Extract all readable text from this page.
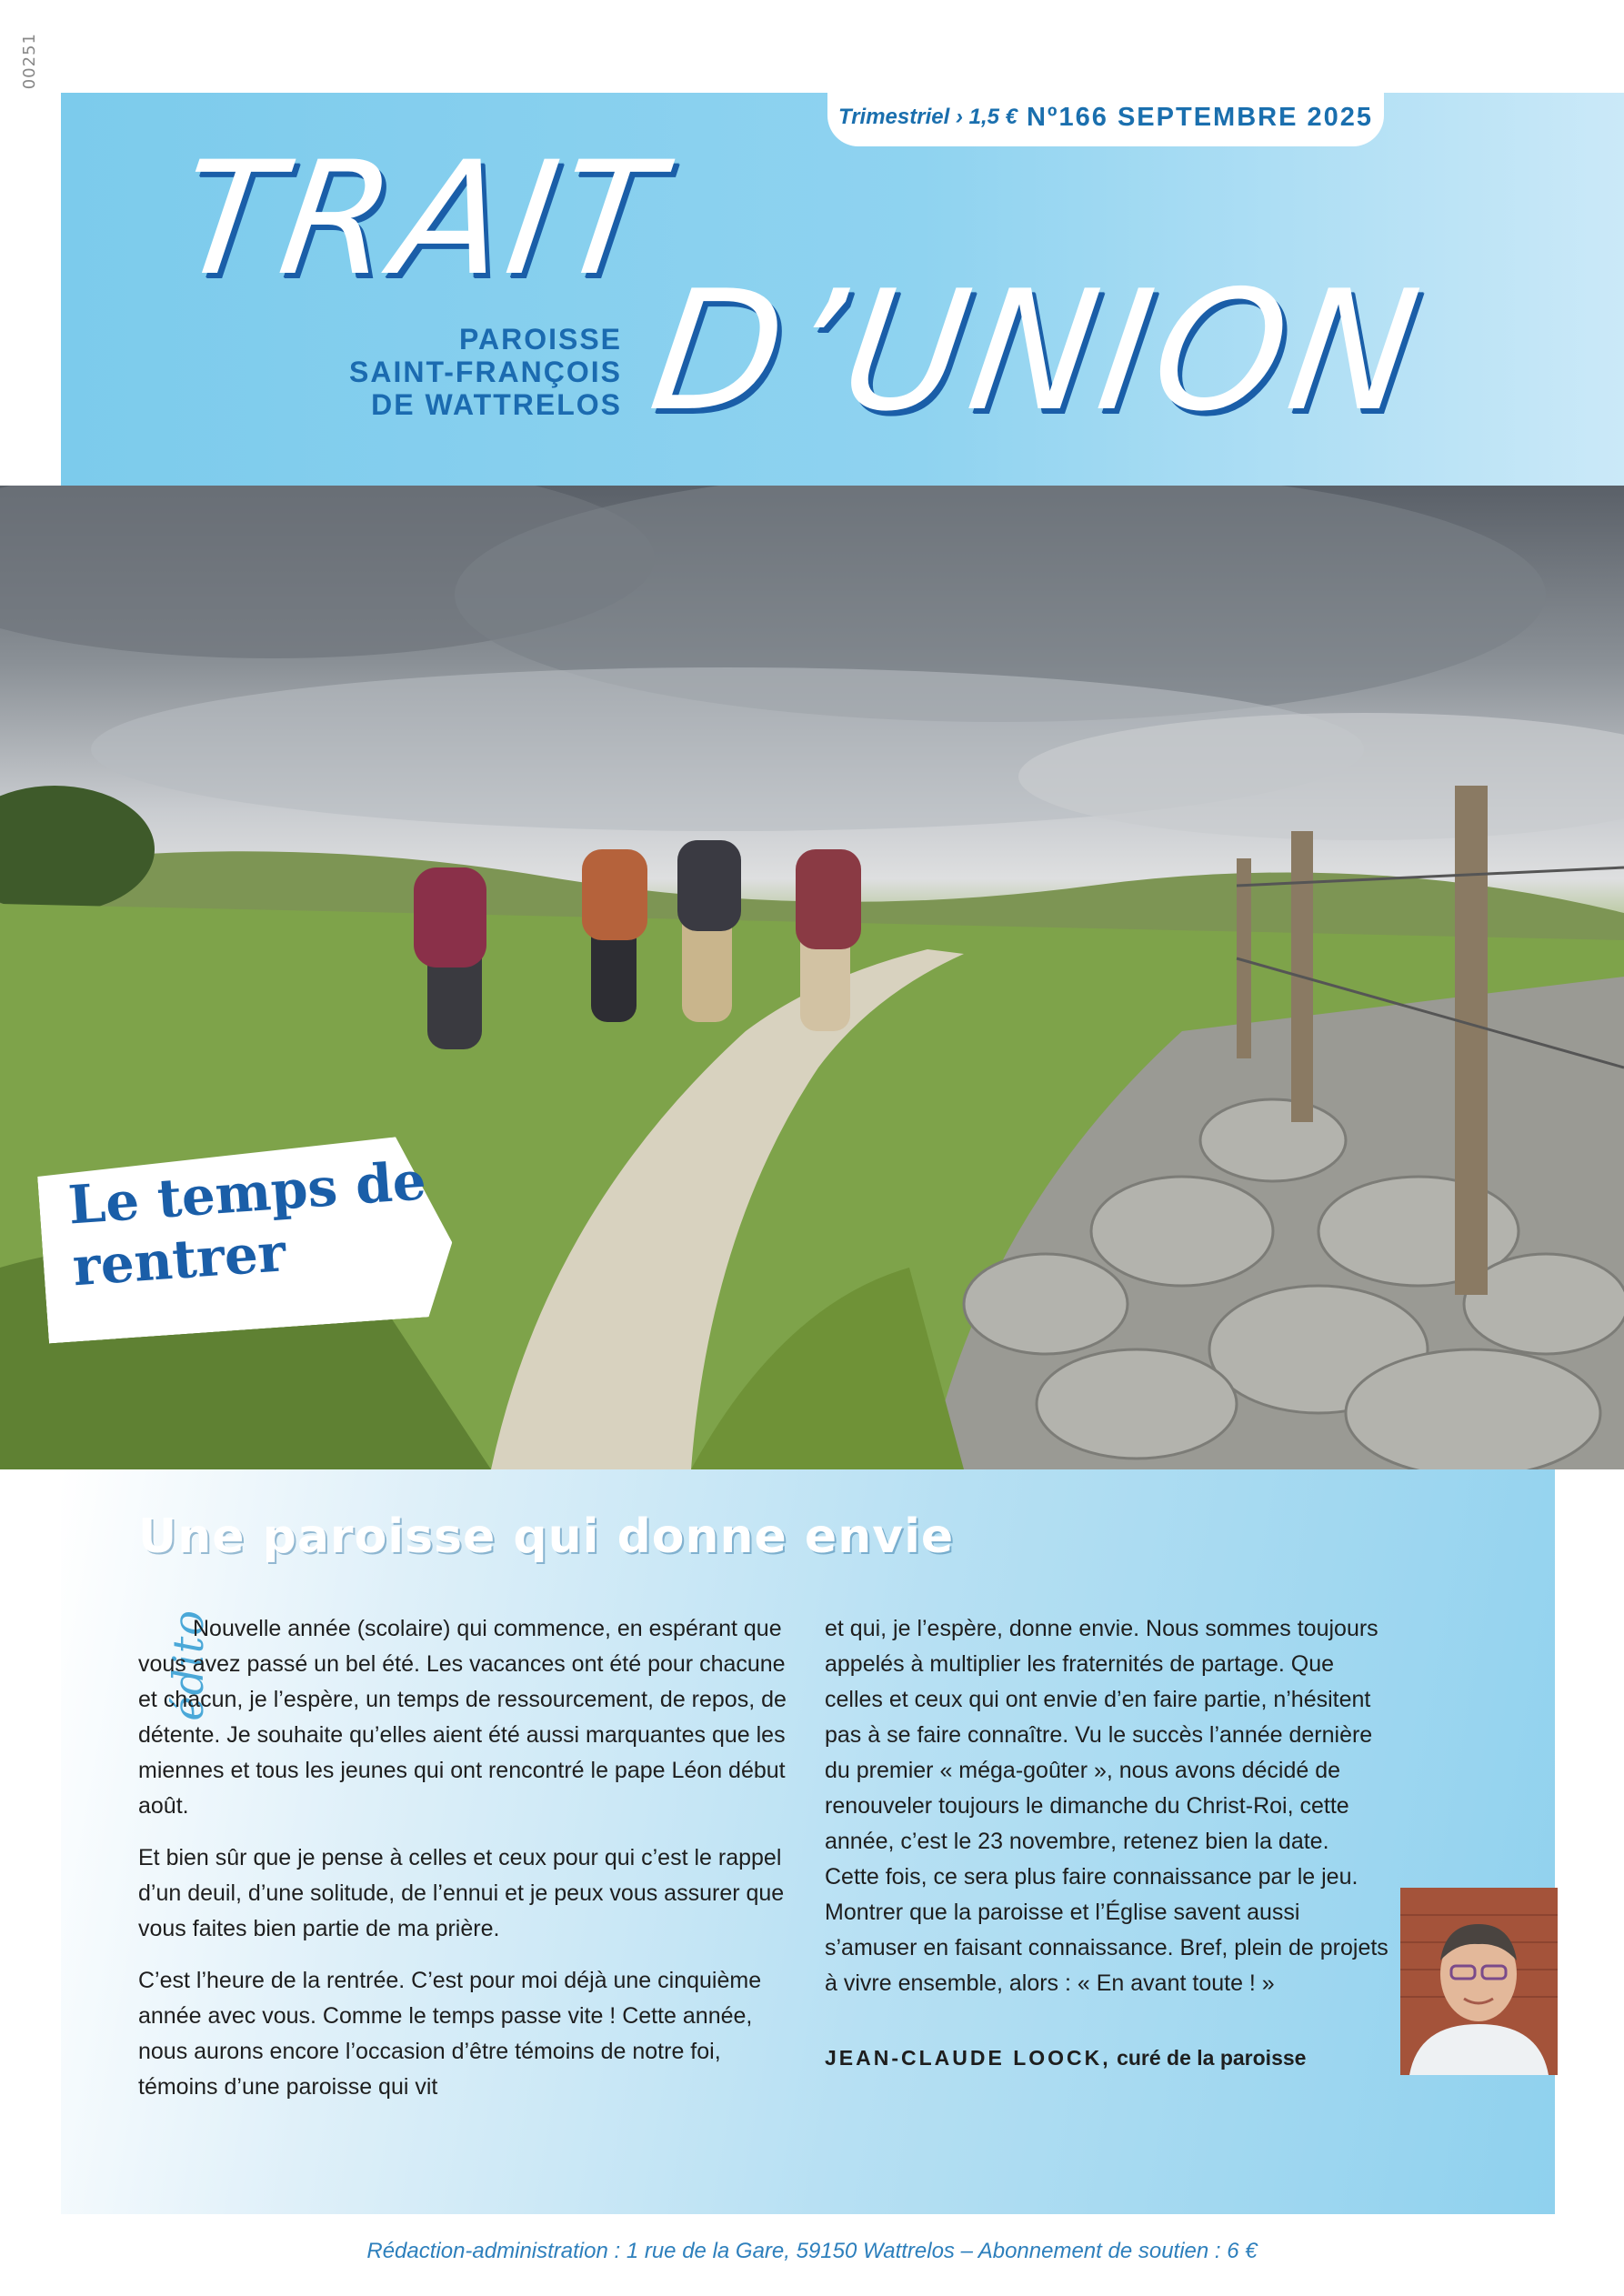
00251
Trimestriel › 1,5 € Nº166 SEPTEMBRE 2025
TRAIT
D’UNION
PAROISSE
SAINT-FRANÇOIS
DE WATTRELOS
Le temps de rentrer
Une paroisse qui donne envie
édito

Nouvelle année (scolaire) qui commence, en espérant que vous avez passé un bel été. Les vacances ont été pour chacune et chacun, je l’espère, un temps de ressourcement, de repos, de détente. Je souhaite qu’elles aient été aussi marquantes que les miennes et tous les jeunes qui ont rencontré le pape Léon début août.

Et bien sûr que je pense à celles et ceux pour qui c’est le rappel d’un deuil, d’une solitude, de l’ennui et je peux vous assurer que vous faites bien partie de ma prière.

C’est l’heure de la rentrée. C’est pour moi déjà une cinquième année avec vous. Comme le temps passe vite ! Cette année, nous aurons encore l’occasion d’être témoins de notre foi, témoins d’une paroisse qui vit

et qui, je l’espère, donne envie. Nous sommes toujours appelés à multiplier les fraternités de partage. Que celles et ceux qui ont envie d’en faire partie, n’hésitent pas à se faire connaître. Vu le succès l’année dernière du premier « méga-goûter », nous avons décidé de renouveler toujours le dimanche du Christ-Roi, cette année, c’est le 23 novembre, retenez bien la date. Cette fois, ce sera plus faire connaissance par le jeu. Montrer que la paroisse et l’Église savent aussi s’amuser en faisant connaissance. Bref, plein de projets à vivre ensemble, alors : « En avant toute ! »

JEAN-CLAUDE LOOCK, curé de la paroisse
Rédaction-administration : 1 rue de la Gare, 59150 Wattrelos – Abonnement de soutien : 6 €
